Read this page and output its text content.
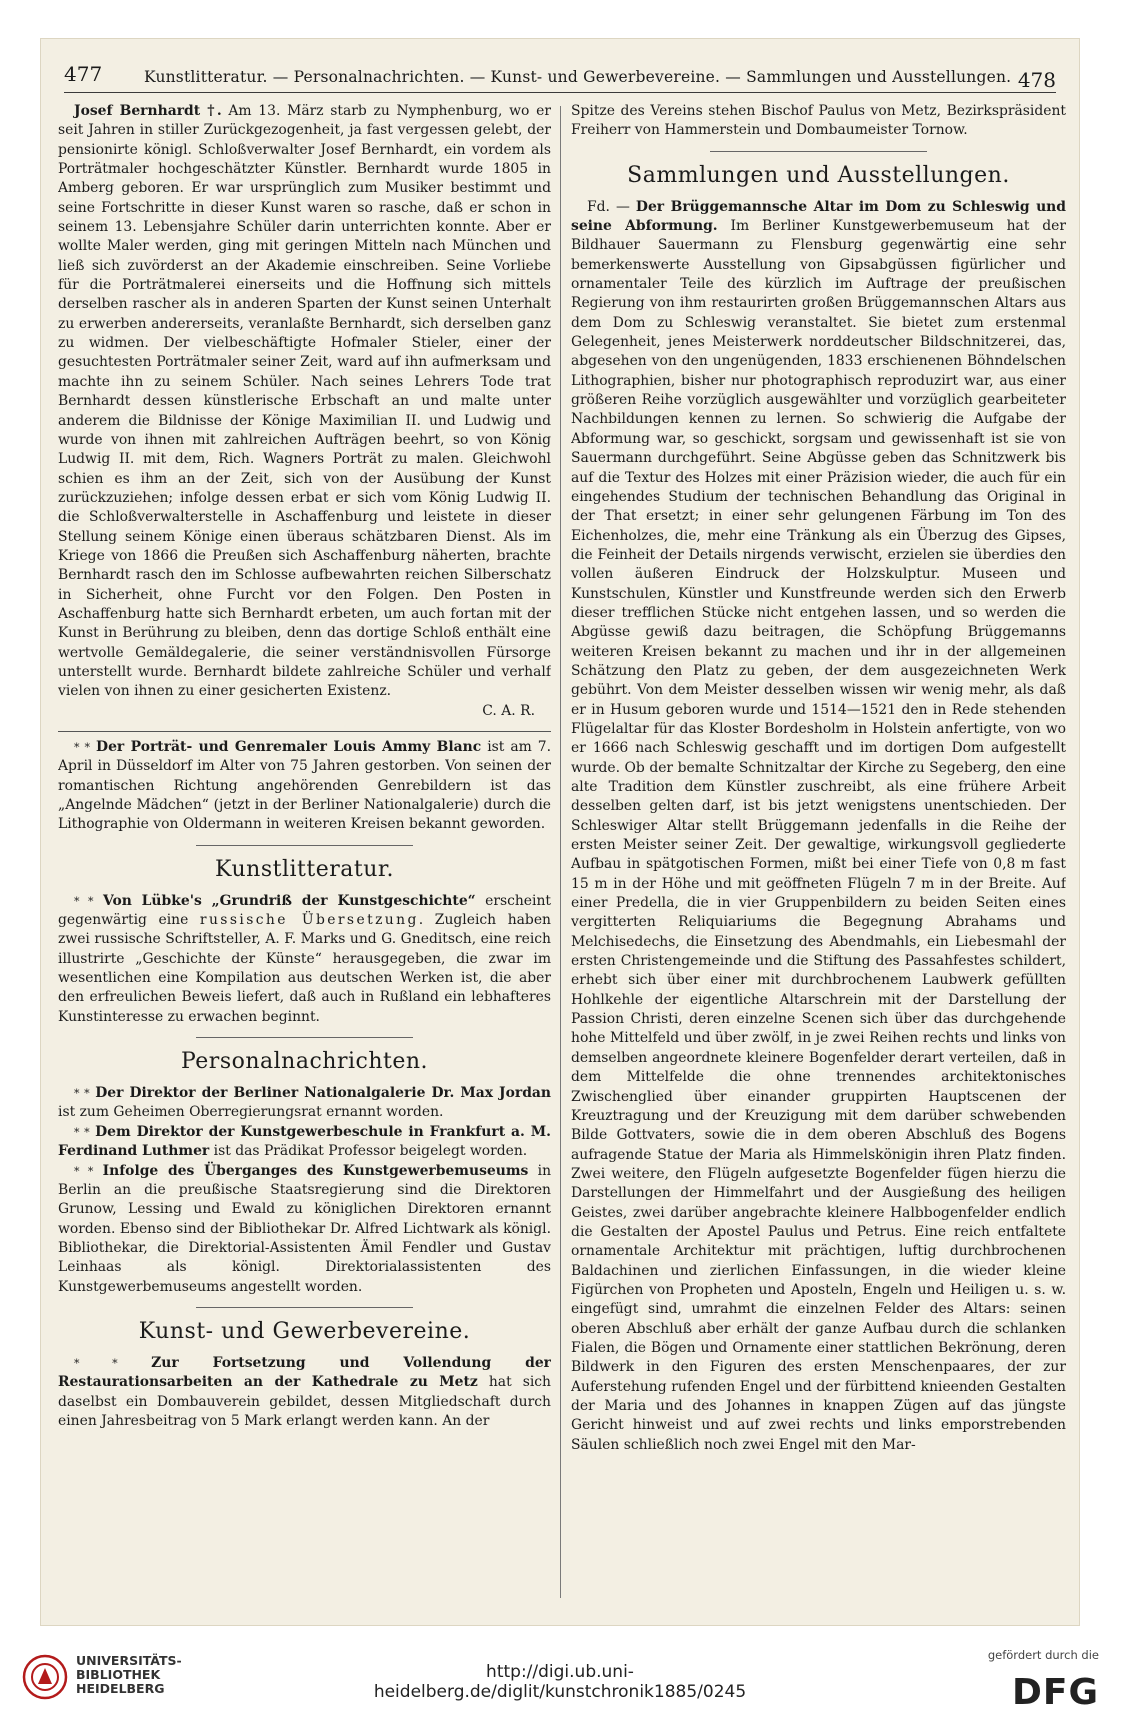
477	Kunstlitteratur. — Personalnachrichten. — Kunst- und Gewerbevereine. — Sammlungen und Ausstellungen. 478

Josef Bernhardt †. Am 13. März starb zu Nymphenburg, wo er seit Jahren in stiller Zurückgezogenheit, ja fast vergessen gelebt, der pensionirte königl. Schloßverwalter Josef Bernhardt, ein vordem als Porträtmaler hochgeschätzter Künstler. Bernhardt wurde 1805 in Amberg geboren. Er war ursprünglich zum Musiker bestimmt und seine Fortschritte in dieser Kunst waren so rasche, daß er schon in seinem 13. Lebensjahre Schüler darin unterrichten konnte. Aber er wollte Maler werden, ging mit geringen Mitteln nach München und ließ sich zuvörderst an der Akademie einschreiben. Seine Vorliebe für die Porträtmalerei einerseits und die Hoffnung sich mittels derselben rascher als in anderen Sparten der Kunst seinen Unterhalt zu erwerben andererseits, veranlaßte Bernhardt, sich derselben ganz zu widmen. Der vielbeschäftigte Hofmaler Stieler, einer der gesuchtesten Porträtmaler seiner Zeit, ward auf ihn aufmerksam und machte ihn zu seinem Schüler. Nach seines Lehrers Tode trat Bernhardt dessen künstlerische Erbschaft an und malte unter anderem die Bildnisse der Könige Maximilian II. und Ludwig und wurde von ihnen mit zahlreichen Aufträgen beehrt, so von König Ludwig II. mit dem, Rich. Wagners Porträt zu malen. Gleichwohl schien es ihm an der Zeit, sich von der Ausübung der Kunst zurückzuziehen; infolge dessen erbat er sich vom König Ludwig II. die Schloßverwalterstelle in Aschaffenburg und leistete in dieser Stellung seinem Könige einen überaus schätzbaren Dienst. Als im Kriege von 1866 die Preußen sich Aschaffenburg näherten, brachte Bernhardt rasch den im Schlosse aufbewahrten reichen Silberschatz in Sicherheit, ohne Furcht vor den Folgen. Den Posten in Aschaffenburg hatte sich Bernhardt erbeten, um auch fortan mit der Kunst in Berührung zu bleiben, denn das dortige Schloß enthält eine wertvolle Gemäldegalerie, die seiner verständnisvollen Fürsorge unterstellt wurde. Bernhardt bildete zahlreiche Schüler und verhalf vielen von ihnen zu einer gesicherten Existenz.

C. A. R.

* * Der Porträt- und Genremaler Louis Ammy Blanc ist am 7. April in Düsseldorf im Alter von 75 Jahren gestorben. Von seinen der romantischen Richtung angehörenden Genrebildern ist das „Angelnde Mädchen“ (jetzt in der Berliner Nationalgalerie) durch die Lithographie von Oldermann in weiteren Kreisen bekannt geworden.

Kunstlitteratur.

* * Von Lübke's „Grundriß der Kunstgeschichte“ erscheint gegenwärtig eine russische Übersetzung. Zugleich haben zwei russische Schriftsteller, A. F. Marks und G. Gneditsch, eine reich illustrirte „Geschichte der Künste“ herausgegeben, die zwar im wesentlichen eine Kompilation aus deutschen Werken ist, die aber den erfreulichen Beweis liefert, daß auch in Rußland ein lebhafteres Kunstinteresse zu erwachen beginnt.

Personalnachrichten.

* * Der Direktor der Berliner Nationalgalerie Dr. Max Jordan ist zum Geheimen Oberregierungsrat ernannt worden.

* * Dem Direktor der Kunstgewerbeschule in Frankfurt a. M. Ferdinand Luthmer ist das Prädikat Professor beigelegt worden.

* * Infolge des Überganges des Kunstgewerbemuseums in Berlin an die preußische Staatsregierung sind die Direktoren Grunow, Lessing und Ewald zu königlichen Direktoren ernannt worden. Ebenso sind der Bibliothekar Dr. Alfred Lichtwark als königl. Bibliothekar, die Direktorial-Assistenten Ämil Fendler und Gustav Leinhaas als königl. Direktorialassistenten des Kunstgewerbemuseums angestellt worden.

Kunst- und Gewerbevereine.

* * Zur Fortsetzung und Vollendung der Restaurationsarbeiten an der Kathedrale zu Metz hat sich daselbst ein Dombauverein gebildet, dessen Mitgliedschaft durch einen Jahresbeitrag von 5 Mark erlangt werden kann. An der

Spitze des Vereins stehen Bischof Paulus von Metz, Bezirkspräsident Freiherr von Hammerstein und Dombaumeister Tornow.

Sammlungen und Ausstellungen.

Fd. — Der Brüggemannsche Altar im Dom zu Schleswig und seine Abformung. Im Berliner Kunstgewerbemuseum hat der Bildhauer Sauermann zu Flensburg gegenwärtig eine sehr bemerkenswerte Ausstellung von Gipsabgüssen figürlicher und ornamentaler Teile des kürzlich im Auftrage der preußischen Regierung von ihm restaurirten großen Brüggemannschen Altars aus dem Dom zu Schleswig veranstaltet. Sie bietet zum erstenmal Gelegenheit, jenes Meisterwerk norddeutscher Bildschnitzerei, das, abgesehen von den ungenügenden, 1833 erschienenen Böhndelschen Lithographien, bisher nur photographisch reproduzirt war, aus einer größeren Reihe vorzüglich ausgewählter und vorzüglich gearbeiteter Nachbildungen kennen zu lernen. So schwierig die Aufgabe der Abformung war, so geschickt, sorgsam und gewissenhaft ist sie von Sauermann durchgeführt. Seine Abgüsse geben das Schnitzwerk bis auf die Textur des Holzes mit einer Präzision wieder, die auch für ein eingehendes Studium der technischen Behandlung das Original in der That ersetzt; in einer sehr gelungenen Färbung im Ton des Eichenholzes, die, mehr eine Tränkung als ein Überzug des Gipses, die Feinheit der Details nirgends verwischt, erzielen sie überdies den vollen äußeren Eindruck der Holzskulptur. Museen und Kunstschulen, Künstler und Kunstfreunde werden sich den Erwerb dieser trefflichen Stücke nicht entgehen lassen, und so werden die Abgüsse gewiß dazu beitragen, die Schöpfung Brüggemanns weiteren Kreisen bekannt zu machen und ihr in der allgemeinen Schätzung den Platz zu geben, der dem ausgezeichneten Werk gebührt. Von dem Meister desselben wissen wir wenig mehr, als daß er in Husum geboren wurde und 1514—1521 den in Rede stehenden Flügelaltar für das Kloster Bordesholm in Holstein anfertigte, von wo er 1666 nach Schleswig geschafft und im dortigen Dom aufgestellt wurde. Ob der bemalte Schnitzaltar der Kirche zu Segeberg, den eine alte Tradition dem Künstler zuschreibt, als eine frühere Arbeit desselben gelten darf, ist bis jetzt wenigstens unentschieden. Der Schleswiger Altar stellt Brüggemann jedenfalls in die Reihe der ersten Meister seiner Zeit. Der gewaltige, wirkungsvoll gegliederte Aufbau in spätgotischen Formen, mißt bei einer Tiefe von 0,8 m fast 15 m in der Höhe und mit geöffneten Flügeln 7 m in der Breite. Auf einer Predella, die in vier Gruppenbildern zu beiden Seiten eines vergitterten Reliquiariums die Begegnung Abrahams und Melchisedechs, die Einsetzung des Abendmahls, ein Liebesmahl der ersten Christengemeinde und die Stiftung des Passahfestes schildert, erhebt sich über einer mit durchbrochenem Laubwerk gefüllten Hohlkehle der eigentliche Altarschrein mit der Darstellung der Passion Christi, deren einzelne Scenen sich über das durchgehende hohe Mittelfeld und über zwölf, in je zwei Reihen rechts und links von demselben angeordnete kleinere Bogenfelder derart verteilen, daß in dem Mittelfelde die ohne trennendes architektonisches Zwischenglied über einander gruppirten Hauptscenen der Kreuztragung und der Kreuzigung mit dem darüber schwebenden Bilde Gottvaters, sowie die in dem oberen Abschluß des Bogens aufragende Statue der Maria als Himmelskönigin ihren Platz finden. Zwei weitere, den Flügeln aufgesetzte Bogenfelder fügen hierzu die Darstellungen der Himmelfahrt und der Ausgießung des heiligen Geistes, zwei darüber angebrachte kleinere Halbbogenfelder endlich die Gestalten der Apostel Paulus und Petrus. Eine reich entfaltete ornamentale Architektur mit prächtigen, luftig durchbrochenen Baldachinen und zierlichen Einfassungen, in die wieder kleine Figürchen von Propheten und Aposteln, Engeln und Heiligen u. s. w. eingefügt sind, umrahmt die einzelnen Felder des Altars: seinen oberen Abschluß aber erhält der ganze Aufbau durch die schlanken Fialen, die Bögen und Ornamente einer stattlichen Bekrönung, deren Bildwerk in den Figuren des ersten Menschenpaares, der zur Auferstehung rufenden Engel und der fürbittend knieenden Gestalten der Maria und des Johannes in knappen Zügen auf das jüngste Gericht hinweist und auf zwei rechts und links emporstrebenden Säulen schließlich noch zwei Engel mit den Mar-

UNIVERSITÄTS-
BIBLIOTHEK
HEIDELBERG
http://digi.ub.uni-heidelberg.de/diglit/kunstchronik1885/0245
gefördert durch die
DFG
